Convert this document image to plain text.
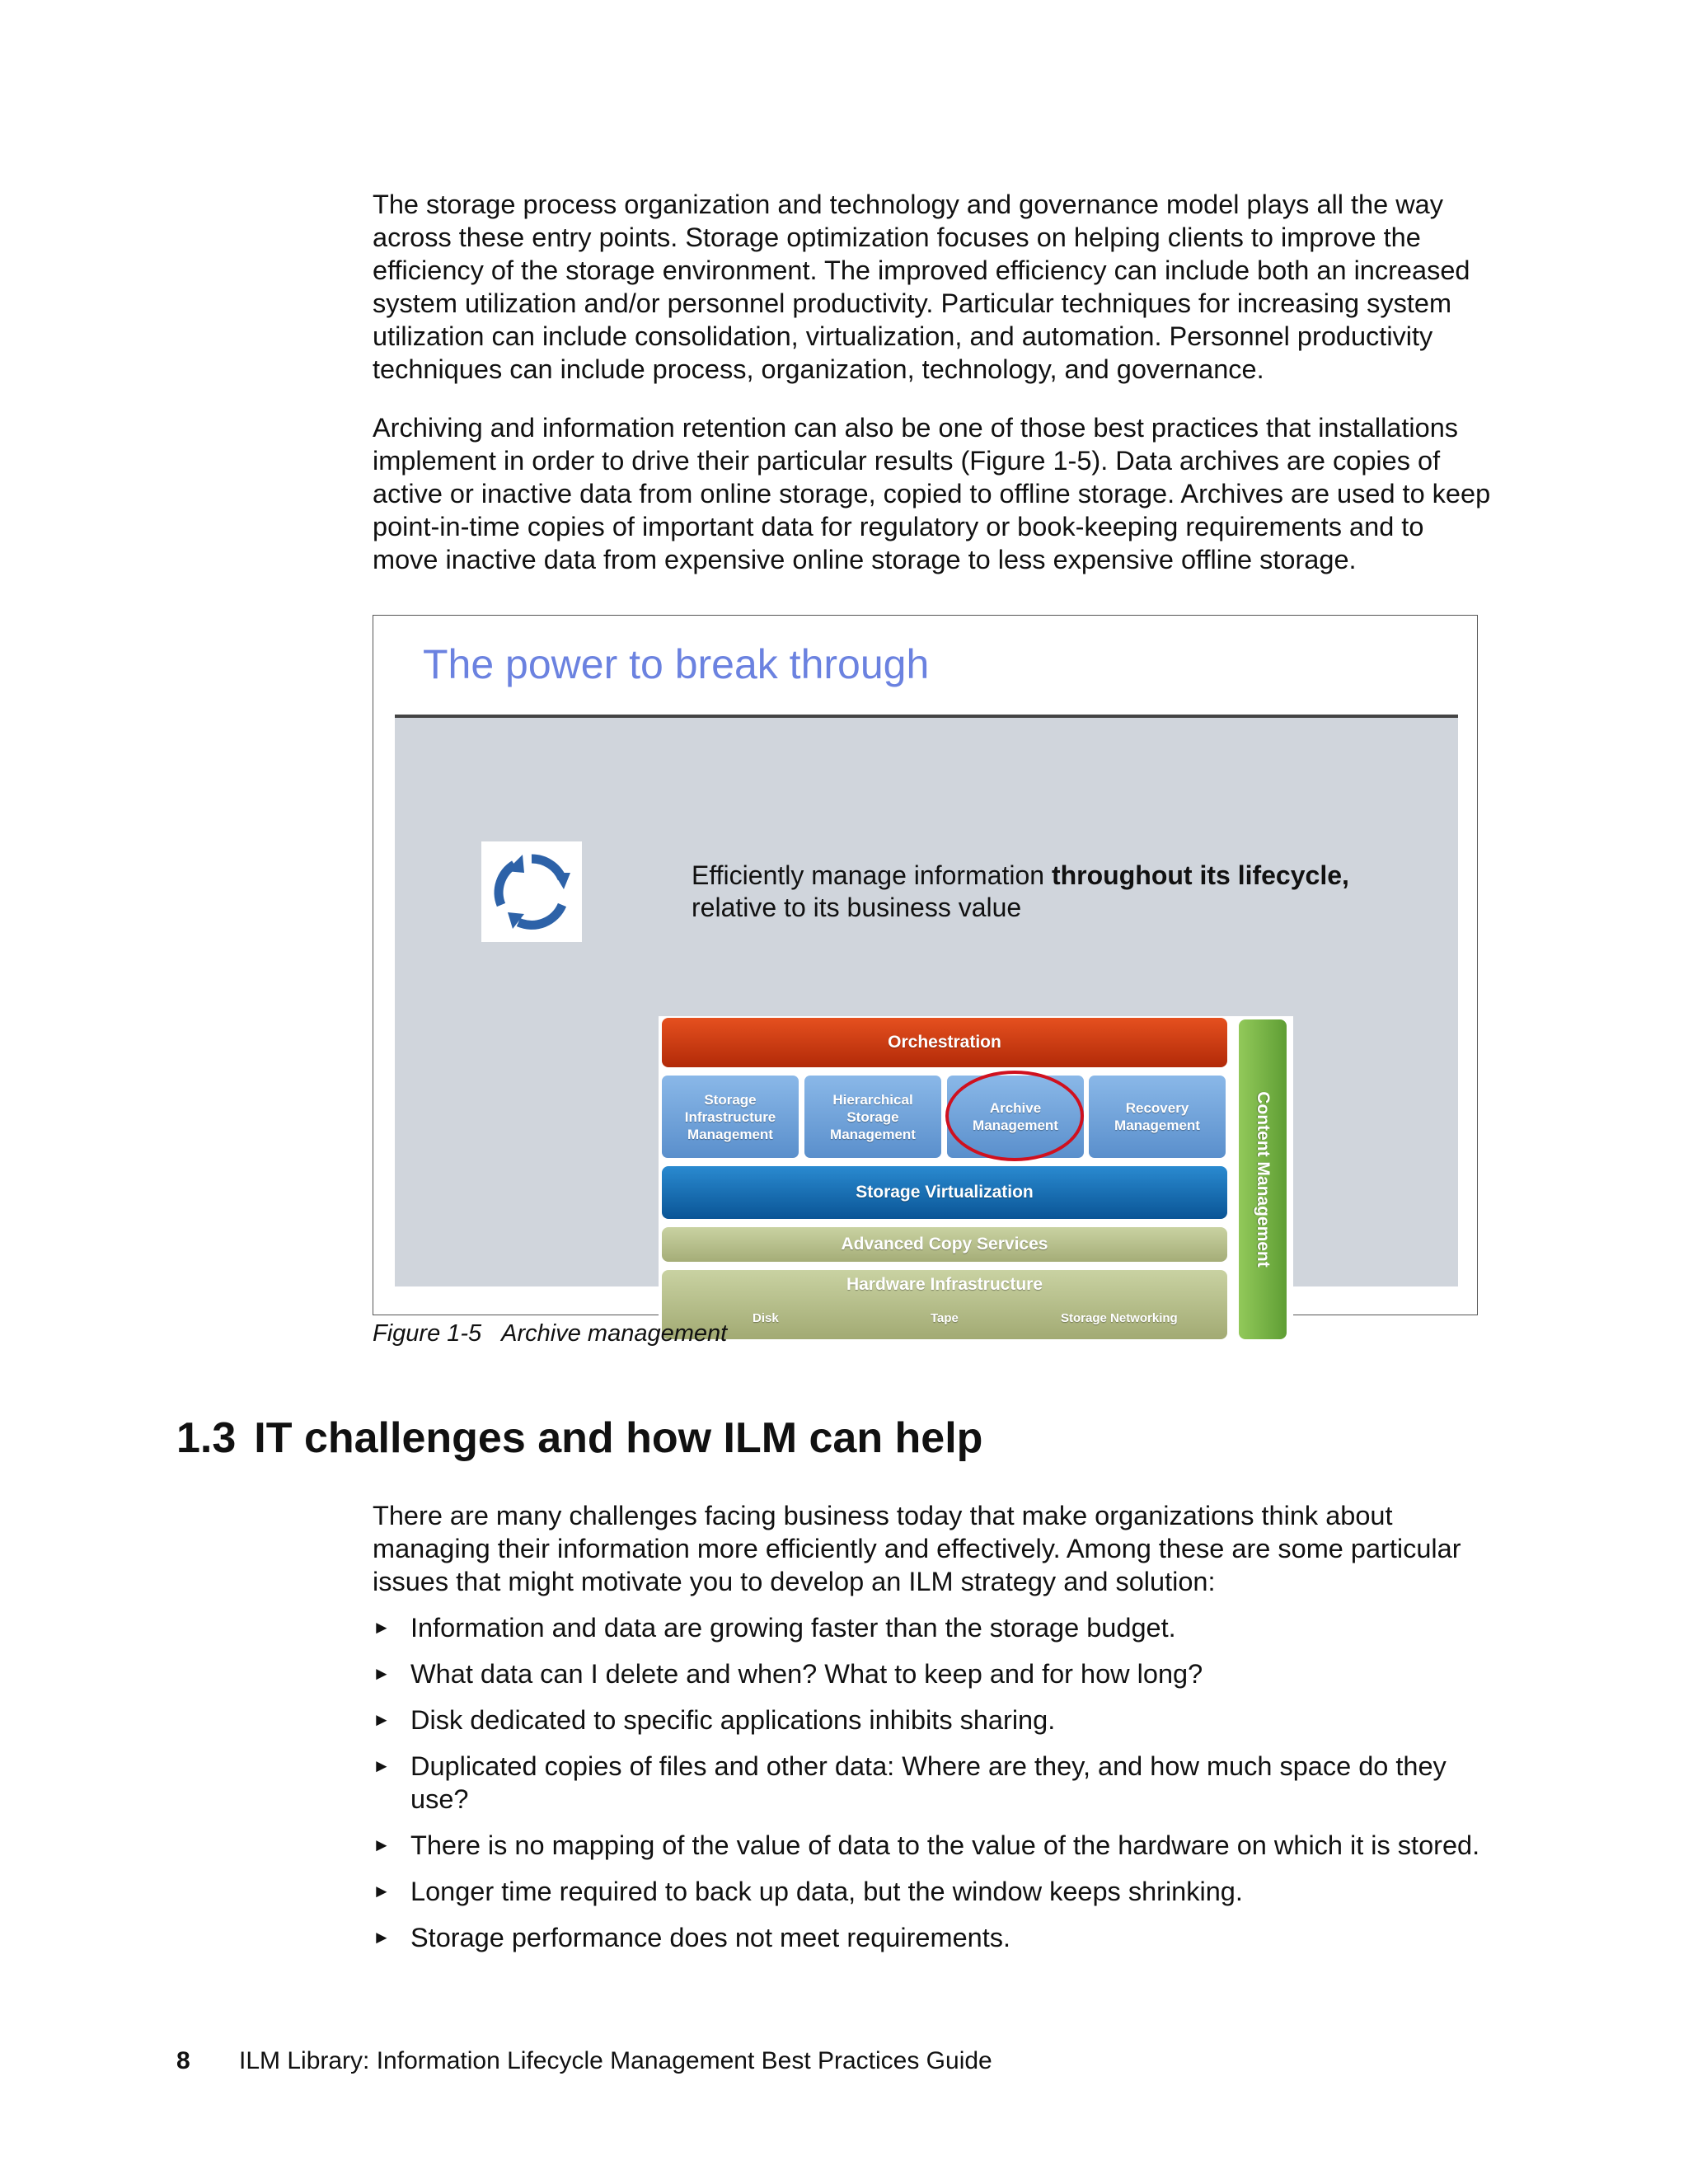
The storage process organization and technology and governance model plays all the way across these entry points. Storage optimization focuses on helping clients to improve the efficiency of the storage environment. The improved efficiency can include both an increased system utilization and/or personnel productivity. Particular techniques for increasing system utilization can include consolidation, virtualization, and automation. Personnel productivity techniques can include process, organization, technology, and governance.

Archiving and information retention can also be one of those best practices that installations implement in order to drive their particular results (Figure 1-5). Data archives are copies of active or inactive data from online storage, copied to offline storage. Archives are used to keep point-in-time copies of important data for regulatory or book-keeping requirements and to move inactive data from expensive online storage to less expensive offline storage.

The power to break through
Efficiently manage information throughout its lifecycle,
relative to its business value
Orchestration
Storage
Infrastructure
Management
Hierarchical
Storage
Management
Archive
Management
Recovery
Management
Storage Virtualization
Advanced Copy Services
Hardware Infrastructure
Disk	Tape	Storage Networking
Content Management
Figure 1-5 Archive management
1.3 IT challenges and how ILM can help

There are many challenges facing business today that make organizations think about managing their information more efficiently and effectively. Among these are some particular issues that might motivate you to develop an ILM strategy and solution:

► Information and data are growing faster than the storage budget.
► What data can I delete and when? What to keep and for how long?
► Disk dedicated to specific applications inhibits sharing.
► Duplicated copies of files and other data: Where are they, and how much space do they use?
► There is no mapping of the value of data to the value of the hardware on which it is stored.
► Longer time required to back up data, but the window keeps shrinking.
► Storage performance does not meet requirements.
8 ILM Library: Information Lifecycle Management Best Practices Guide
